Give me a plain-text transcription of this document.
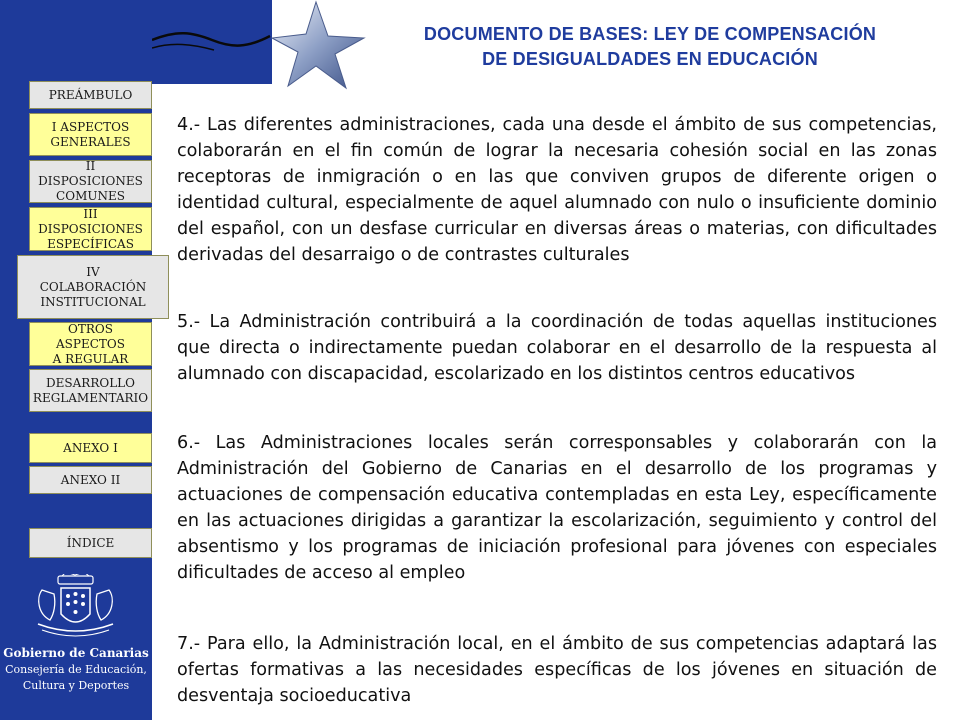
DOCUMENTO DE BASES: LEY DE COMPENSACIÓN
DE DESIGUALDADES EN EDUCACIÓN
PREÁMBULO
I ASPECTOS
GENERALES
II DISPOSICIONES
COMUNES
III DISPOSICIONES
ESPECÍFICAS
IV
COLABORACIÓN
INSTITUCIONAL
OTROS ASPECTOS
A REGULAR
DESARROLLO
REGLAMENTARIO
ANEXO I
ANEXO II
ÍNDICE
Gobierno de Canarias
Consejería de Educación,
Cultura y Deportes

4.- Las diferentes administraciones, cada una desde el ámbito de sus competencias, colaborarán en el fin común de lograr la necesaria cohesión social en las zonas receptoras de inmigración o en las que conviven grupos de diferente origen o identidad cultural, especialmente de aquel alumnado con nulo o insuficiente dominio del español, con un desfase curricular en diversas áreas o materias, con dificultades derivadas del desarraigo o de contrastes culturales

5.- La Administración contribuirá a la coordinación de todas aquellas instituciones que directa o indirectamente puedan colaborar en el desarrollo de la respuesta al alumnado con discapacidad, escolarizado en los distintos centros educativos

6.- Las Administraciones locales serán corresponsables y colaborarán con la Administración del Gobierno de Canarias en el desarrollo de los programas y actuaciones de compensación educativa contempladas en esta Ley, específicamente en las actuaciones dirigidas a garantizar la escolarización, seguimiento y control del absentismo y los programas de iniciación profesional para jóvenes con especiales dificultades de acceso al empleo

7.- Para ello, la Administración local, en el ámbito de sus competencias adaptará las ofertas formativas a las necesidades específicas de los jóvenes en situación de desventaja socioeducativa
